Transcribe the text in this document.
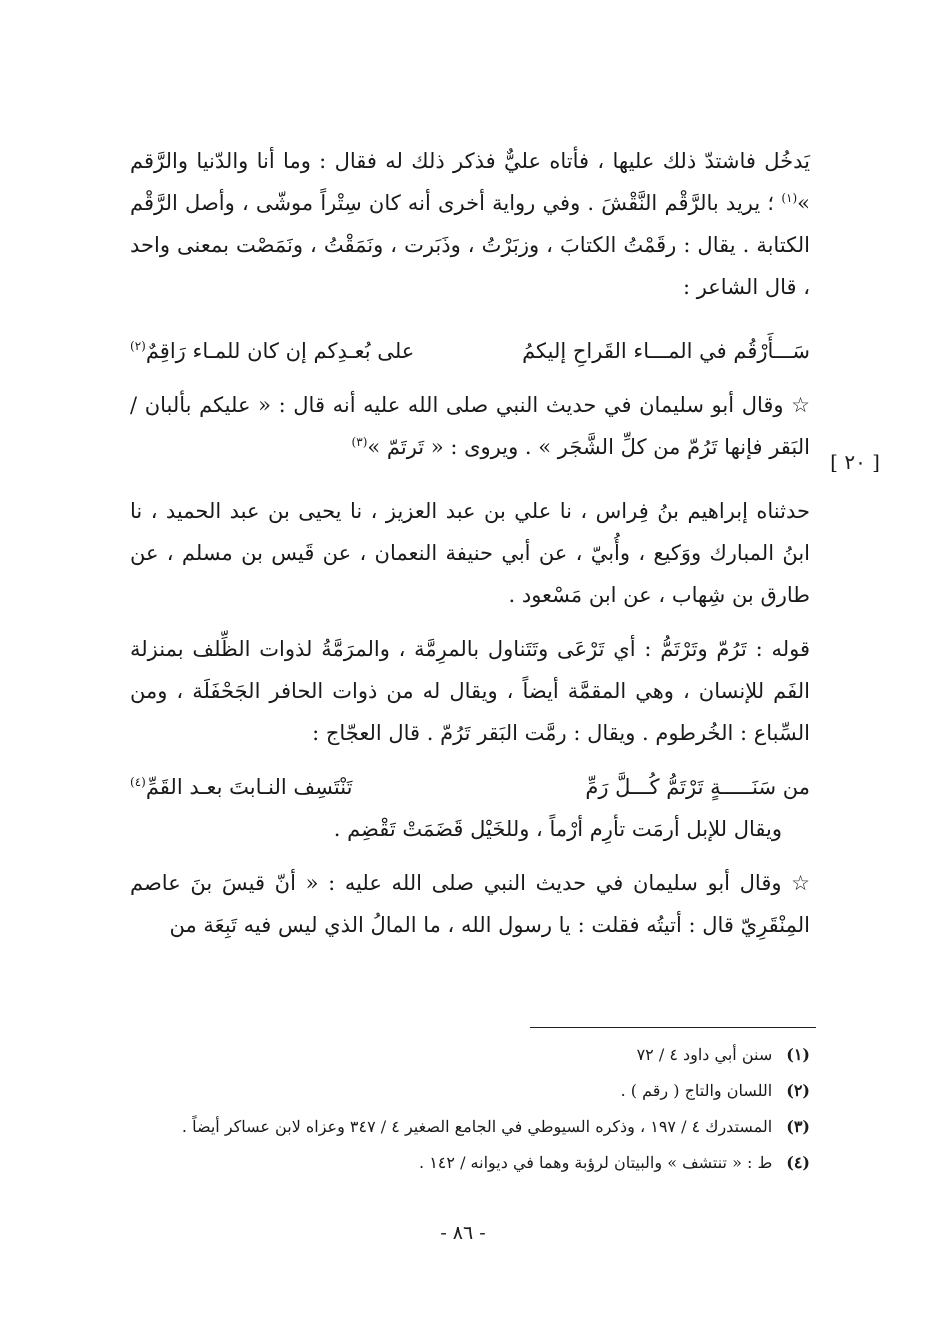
يَدخُل فاشتدّ ذلك عليها ، فأتاه عليٌّ فذكر ذلك له فقال : وما أنا والدّنيا والرَّقم »$^{(١)}$ ؛ يريد بالرَّقْم النَّقْشَ . وفي رواية أخرى أنه كان سِتْراً موشّى ، وأصل الرَّقْم الكتابة . يقال : رقَمْتُ الكتابَ ، وزبَرْتُ ، وذَبَرت ، ونَمَقْتُ ، ونَمَصْت بمعنى واحد ، قال الشاعر :

سَـــأَرْقُم في المـــاء القَراحِ إليكمُ
على بُعـدِكم إن كان للمـاء رَاقِمٌ$^{(٢)}$

☆ وقال أبو سليمان في حديث النبي صلى الله عليه أنه قال : « عليكم بألبان / البَقر فإنها تَرُمّ من كلِّ الشَّجَر » . ويروى : « تَرتَمّ »$^{(٣)}$

حدثناه إبراهيم بنُ فِراس ، نا علي بن عبد العزيز ، نا يحيى بن عبد الحميد ، نا ابنُ المبارك ووَكيع ، وأُبيّ ، عن أبي حنيفة النعمان ، عن قَيس بن مسلم ، عن طارق بن شِهاب ، عن ابن مَسْعود .

قوله : تَرُمّ وتَرْتَمُّ : أي تَرْعَى وتَتَناول بالمرِمَّة ، والمرَمَّةُ لذوات الظِّلف بمنزلة الفَم للإنسان ، وهي المقمَّة أيضاً ، ويقال له من ذوات الحافر الجَحْفَلَة ، ومن السِّباع : الخُرطوم . ويقال : رمَّت البَقر تَرُمّ . قال العجّاج :

من سَنَـــــةٍ تَرْتَمُّ كُـــلَّ رَمِّ
تَنْتَسِف النـابتَ بعـد القَمِّ$^{(٤)}$

ويقال للإبل أرمَت تأرِم أرْماً ، وللخَيْل قَضَمَتْ تَقْضِم .

☆ وقال أبو سليمان في حديث النبي صلى الله عليه : « أنّ قيسَ بنَ عاصم المِنْقَرِيّ قال : أتيتُه فقلت : يا رسول الله ، ما المالُ الذي ليس فيه تَبِعَة من

[ ٢٠ ]

(١)سنن أبي داود ٤ / ٧٢

(٢)اللسان والتاج ( رقم ) .

(٣)المستدرك ٤ / ١٩٧ ، وذكره السيوطي في الجامع الصغير ٤ / ٣٤٧ وعزاه لابن عساكر أيضاً .

(٤)ط : « تنتشف » والبيتان لرؤبة وهما في ديوانه / ١٤٢ .

- ٨٦ -
